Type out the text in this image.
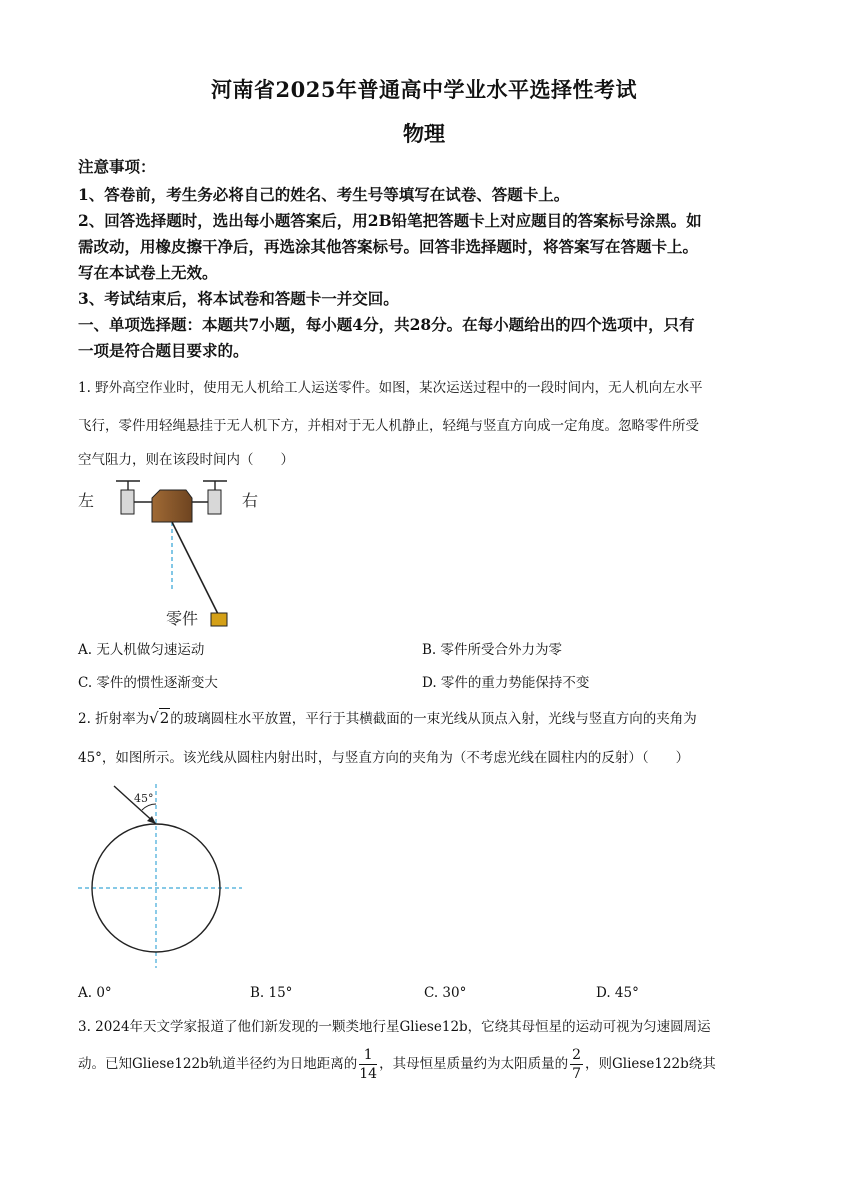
河南省2025年普通高中学业水平选择性考试
物理
注意事项：
1、答卷前，考生务必将自己的姓名、考生号等填写在试卷、答题卡上。
2、回答选择题时，选出每小题答案后，用2B铅笔把答题卡上对应题目的答案标号涂黑。如
需改动，用橡皮擦干净后，再选涂其他答案标号。回答非选择题时，将答案写在答题卡上。
写在本试卷上无效。
3、考试结束后，将本试卷和答题卡一并交回。
一、单项选择题：本题共7小题，每小题4分，共28分。在每小题给出的四个选项中，只有
一项是符合题目要求的。
1. 野外高空作业时，使用无人机给工人运送零件。如图，某次运送过程中的一段时间内，无人机向左水平
飞行，零件用轻绳悬挂于无人机下方，并相对于无人机静止，轻绳与竖直方向成一定角度。忽略零件所受
空气阻力，则在该段时间内（　　）
左	右
零件
A. 无人机做匀速运动	B. 零件所受合外力为零
C. 零件的惯性逐渐变大	D. 零件的重力势能保持不变
2. 折射率为√2的玻璃圆柱水平放置，平行于其横截面的一束光线从顶点入射，光线与竖直方向的夹角为
45°，如图所示。该光线从圆柱内射出时，与竖直方向的夹角为（不考虑光线在圆柱内的反射）（　　）
45°
A. 0°	B. 15°	C. 30°	D. 45°
3. 2024年天文学家报道了他们新发现的一颗类地行星Gliese12b，它绕其母恒星的运动可视为匀速圆周运
动。已知Gliese122b轨道半径约为日地距离的 $\frac{1}{14}$ ，其母恒星质量约为太阳质量的 $\frac{2}{7}$ ，则Gliese122b绕其
